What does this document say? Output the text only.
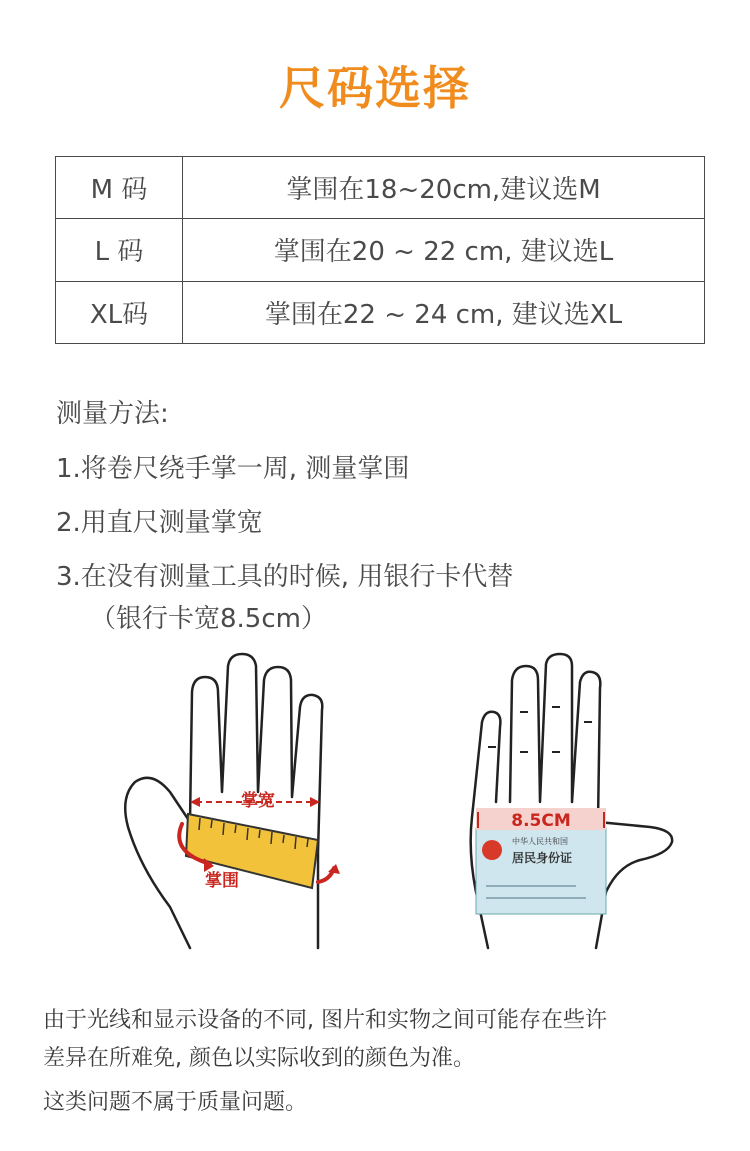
尺码选择
M 码	掌围在18~20cm,建议选M
L 码	掌围在20 ~ 22 cm, 建议选L
XL码	掌围在22 ~ 24 cm, 建议选XL
测量方法:
1.将卷尺绕手掌一周, 测量掌围
2.用直尺测量掌宽
3.在没有测量工具的时候, 用银行卡代替
（银行卡宽8.5cm）
掌宽
掌围
中华人民共和国
居民身份证
8.5CM
由于光线和显示设备的不同, 图片和实物之间可能存在些许
差异在所难免, 颜色以实际收到的颜色为准。
这类问题不属于质量问题。
